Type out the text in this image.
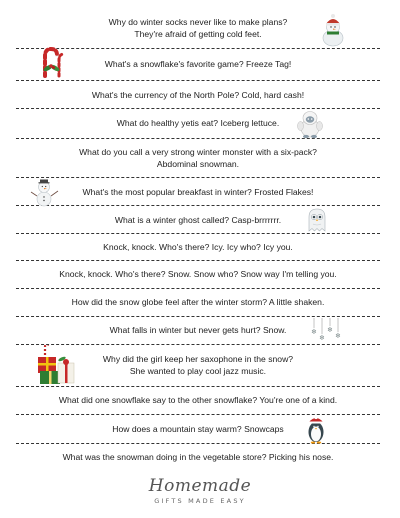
Why do winter socks never like to make plans?
They're afraid of getting cold feet.
What's a snowflake's favorite game? Freeze Tag!
What's the currency of the North Pole? Cold, hard cash!
What do healthy yetis eat? Iceberg lettuce.
What do you call a very strong winter monster with a six-pack?
Abdominal snowman.
What's the most popular breakfast in winter? Frosted Flakes!
What is a winter ghost called? Casp-brrrrrrr.
Knock, knock. Who's there? Icy. Icy who? Icy you.
Knock, knock. Who's there? Snow. Snow who? Snow way I'm telling you.
How did the snow globe feel after the winter storm? A little shaken.
What falls in winter but never gets hurt? Snow.
Why did the girl keep her saxophone in the snow?
She wanted to play cool jazz music.
What did one snowflake say to the other snowflake? You're one of a kind.
How does a mountain stay warm? Snowcaps
What was the snowman doing in the vegetable store? Picking his nose.
❄
❄
❄
❄
Homemade
GIFTS MADE EASY
